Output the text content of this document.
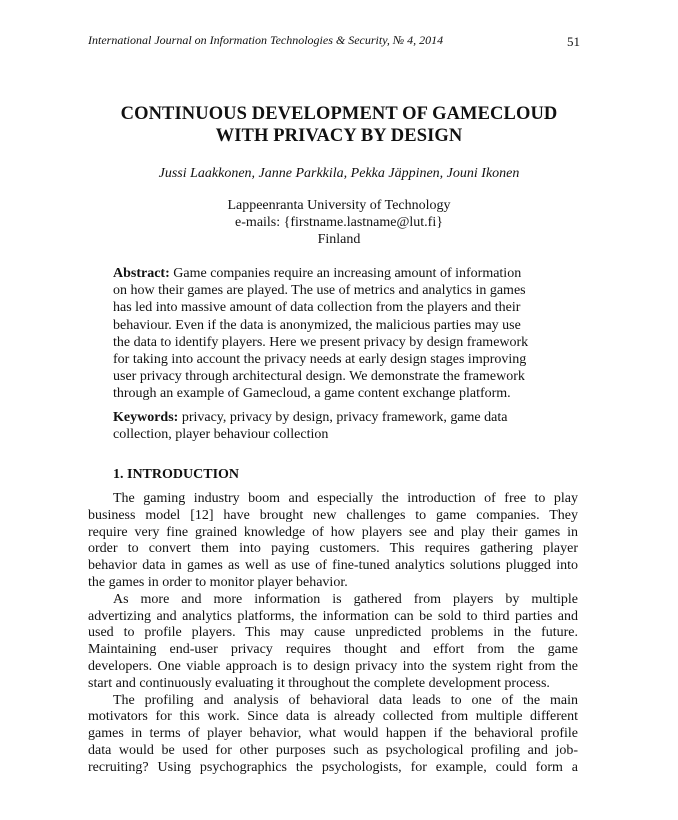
International Journal on Information Technologies & Security, № 4, 2014	51
CONTINUOUS DEVELOPMENT OF GAMECLOUD
WITH PRIVACY BY DESIGN
Jussi Laakkonen, Janne Parkkila, Pekka Jäppinen, Jouni Ikonen
Lappeenranta University of Technology
e-mails: {firstname.lastname@lut.fi}
Finland

Abstract: Game companies require an increasing amount of information
on how their games are played. The use of metrics and analytics in games
has led into massive amount of data collection from the players and their
behaviour. Even if the data is anonymized, the malicious parties may use
the data to identify players. Here we present privacy by design framework
for taking into account the privacy needs at early design stages improving
user privacy through architectural design. We demonstrate the framework
through an example of Gamecloud, a game content exchange platform.

Keywords: privacy, privacy by design, privacy framework, game data
collection, player behaviour collection

1. INTRODUCTION
The gaming industry boom and especially the introduction of free to play
business model [12] have brought new challenges to game companies. They
require very fine grained knowledge of how players see and play their games in
order to convert them into paying customers. This requires gathering player
behavior data in games as well as use of fine-tuned analytics solutions plugged into
the games in order to monitor player behavior.
As more and more information is gathered from players by multiple
advertizing and analytics platforms, the information can be sold to third parties and
used to profile players. This may cause unpredicted problems in the future.
Maintaining end-user privacy requires thought and effort from the game
developers. One viable approach is to design privacy into the system right from the
start and continuously evaluating it throughout the complete development process.
The profiling and analysis of behavioral data leads to one of the main
motivators for this work. Since data is already collected from multiple different
games in terms of player behavior, what would happen if the behavioral profile
data would be used for other purposes such as psychological profiling and job-
recruiting? Using psychographics the psychologists, for example, could form a
